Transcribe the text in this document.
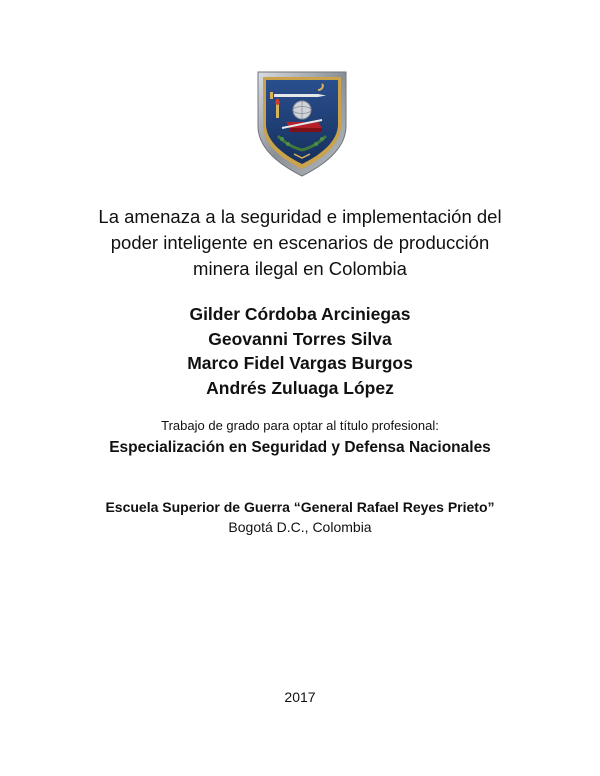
La amenaza a la seguridad e implementación del
poder inteligente en escenarios de producción
minera ilegal en Colombia
Gilder Córdoba Arciniegas
Geovanni Torres Silva
Marco Fidel Vargas Burgos
Andrés Zuluaga López
Trabajo de grado para optar al título profesional:
Especialización en Seguridad y Defensa Nacionales
Escuela Superior de Guerra “General Rafael Reyes Prieto”
Bogotá D.C., Colombia
2017
